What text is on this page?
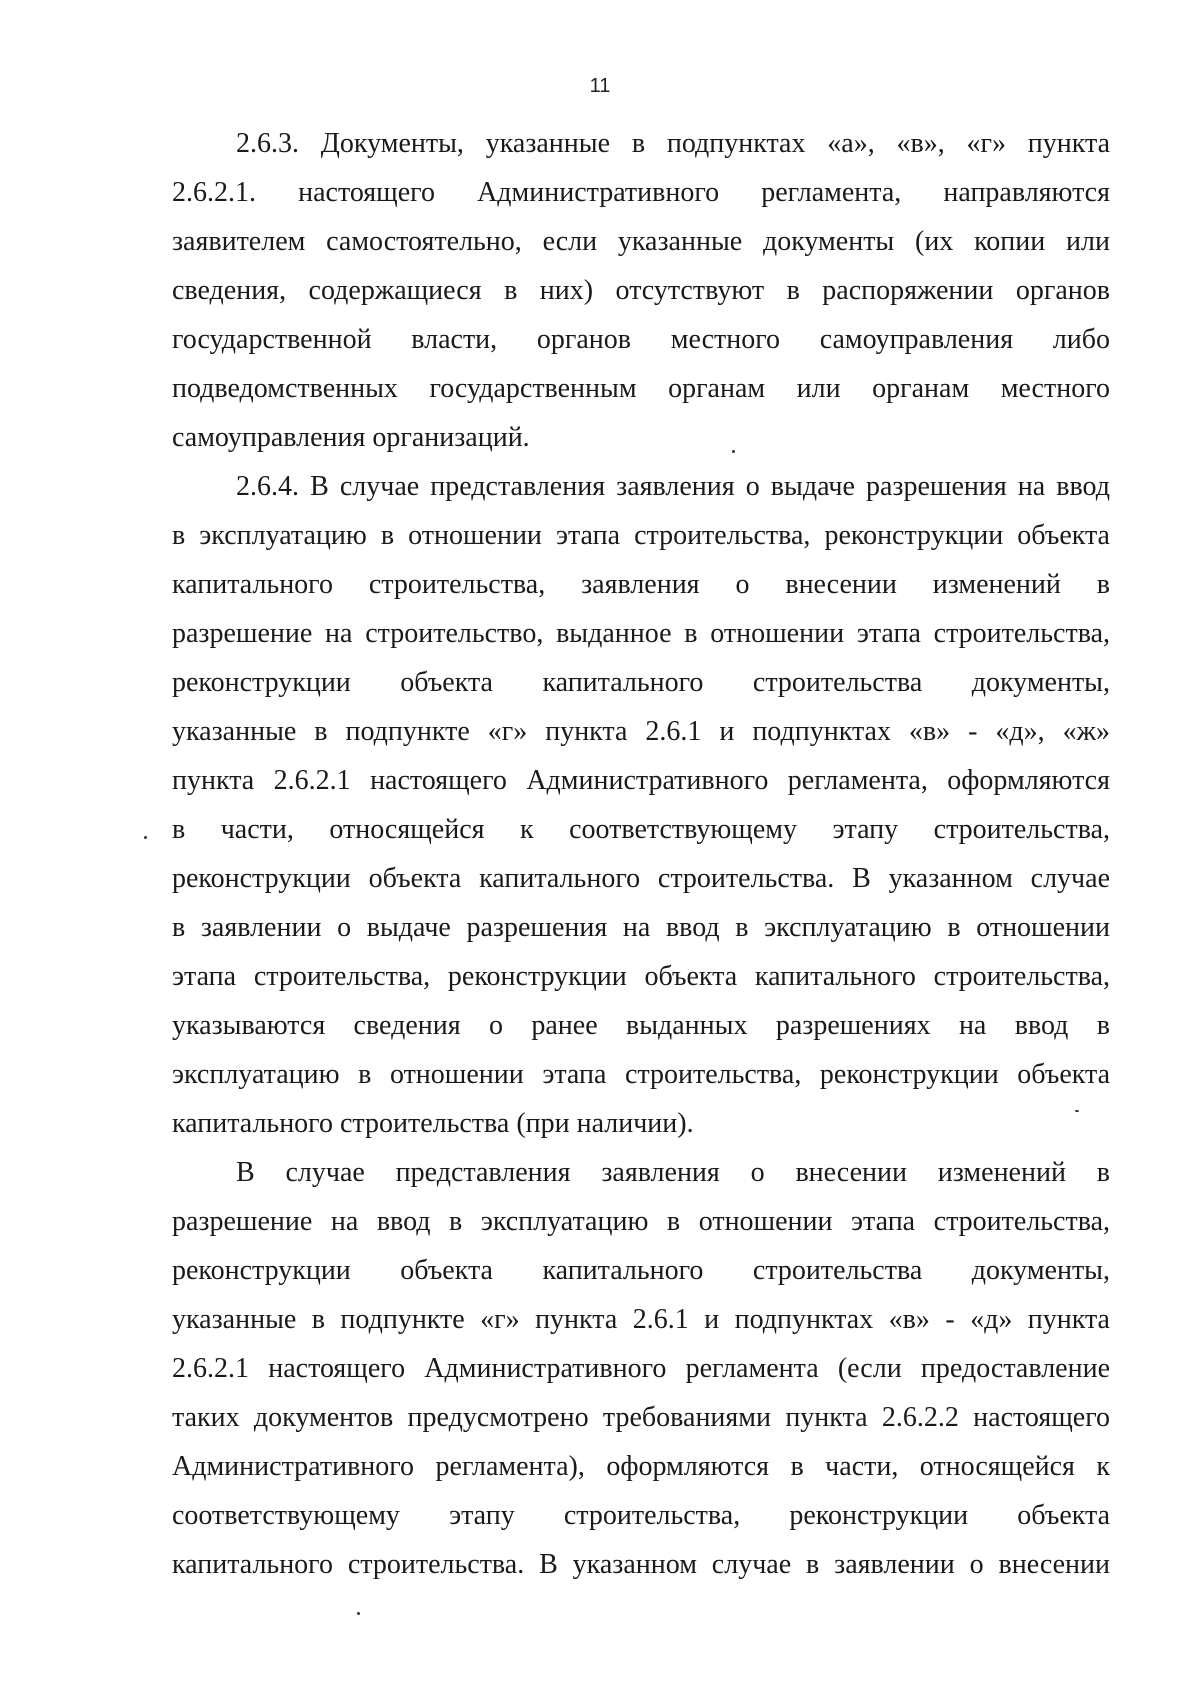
11
2.6.3. Документы, указанные в подпунктах «а», «в», «г» пункта
2.6.2.1. настоящего Административного регламента, направляются
заявителем самостоятельно, если указанные документы (их копии или
сведения, содержащиеся в них) отсутствуют в распоряжении органов
государственной власти, органов местного самоуправления либо
подведомственных государственным органам или органам местного
самоуправления организаций.
2.6.4. В случае представления заявления о выдаче разрешения на ввод
в эксплуатацию в отношении этапа строительства, реконструкции объекта
капитального строительства, заявления о внесении изменений в
разрешение на строительство, выданное в отношении этапа строительства,
реконструкции объекта капитального строительства документы,
указанные в подпункте «г» пункта 2.6.1 и подпунктах «в» - «д», «ж»
пункта 2.6.2.1 настоящего Административного регламента, оформляются
в части, относящейся к соответствующему этапу строительства,
реконструкции объекта капитального строительства. В указанном случае
в заявлении о выдаче разрешения на ввод в эксплуатацию в отношении
этапа строительства, реконструкции объекта капитального строительства,
указываются сведения о ранее выданных разрешениях на ввод в
эксплуатацию в отношении этапа строительства, реконструкции объекта
капитального строительства (при наличии).
В случае представления заявления о внесении изменений в
разрешение на ввод в эксплуатацию в отношении этапа строительства,
реконструкции объекта капитального строительства документы,
указанные в подпункте «г» пункта 2.6.1 и подпунктах «в» - «д» пункта
2.6.2.1 настоящего Административного регламента (если предоставление
таких документов предусмотрено требованиями пункта 2.6.2.2 настоящего
Административного регламента), оформляются в части, относящейся к
соответствующему этапу строительства, реконструкции объекта
капитального строительства. В указанном случае в заявлении о внесении
